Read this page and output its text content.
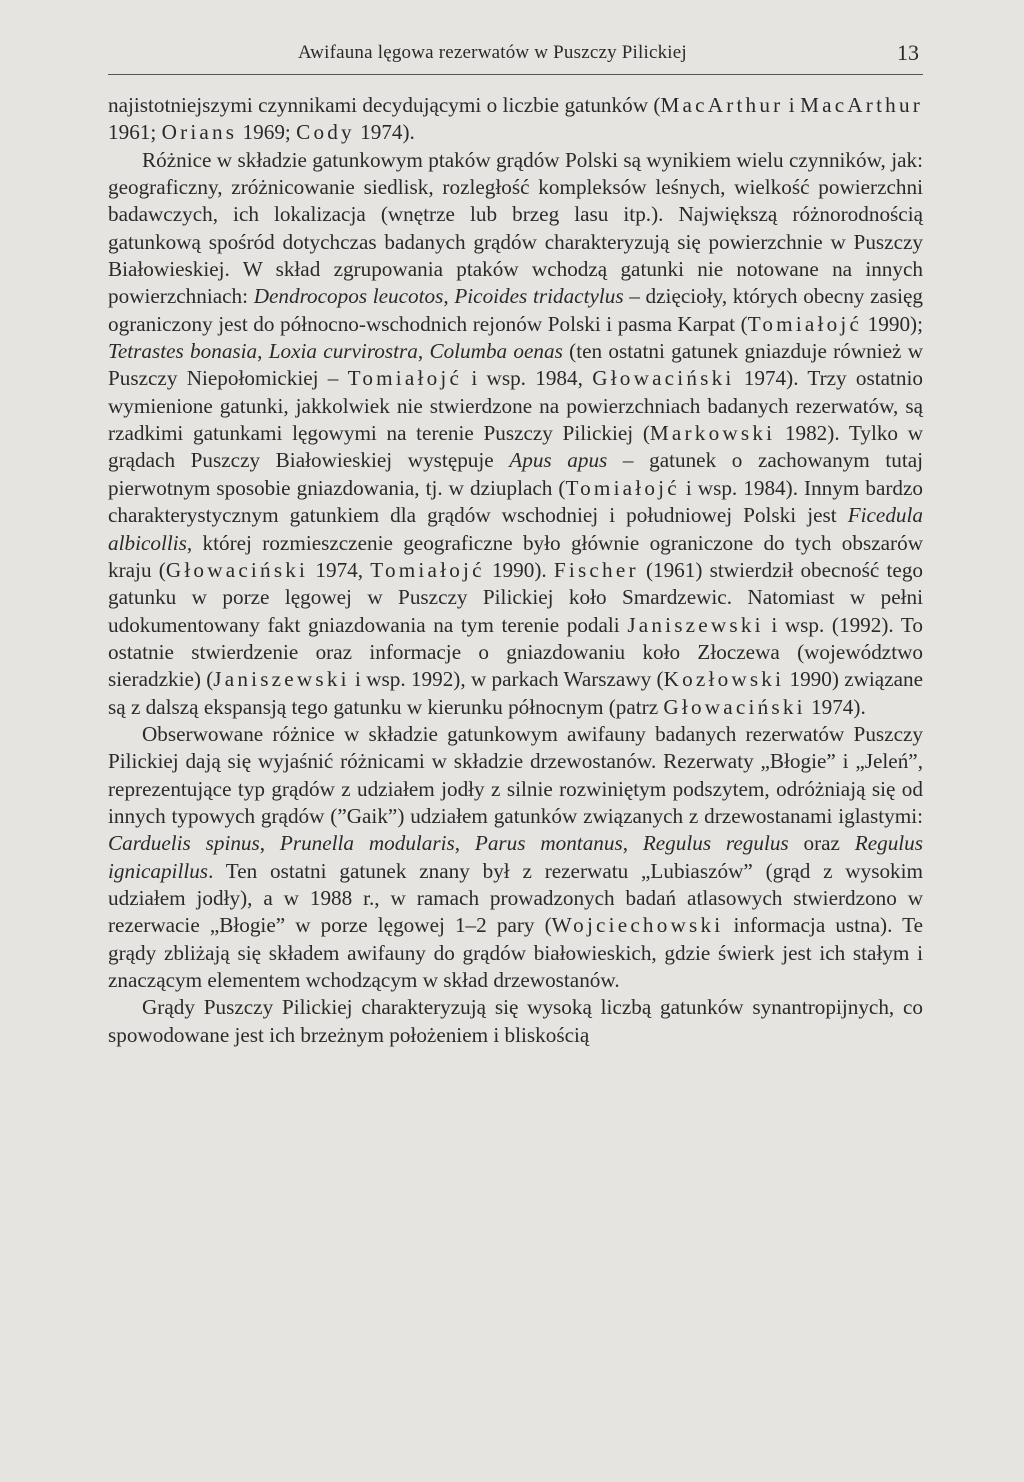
Awifauna lęgowa rezerwatów w Puszczy Pilickiej	13

najistotniejszymi czynnikami decydującymi o liczbie gatunków (MacArthur i MacArthur 1961; Orians 1969; Cody 1974).

Różnice w składzie gatunkowym ptaków grądów Polski są wynikiem wielu czynników, jak: geograficzny, zróżnicowanie siedlisk, rozległość kompleksów leśnych, wielkość powierzchni badawczych, ich lokalizacja (wnętrze lub brzeg lasu itp.). Największą różnorodnością gatunkową spośród dotychczas badanych grądów charakteryzują się powierzchnie w Puszczy Białowieskiej. W skład zgrupowania ptaków wchodzą gatunki nie notowane na innych powierzchniach: Dendrocopos leucotos, Picoides tridactylus – dzięcioły, których obecny zasięg ograniczony jest do północno-wschodnich rejonów Polski i pasma Karpat (Tomiałojć 1990); Tetrastes bonasia, Loxia curvirostra, Columba oenas (ten ostatni gatunek gniazduje również w Puszczy Niepołomickiej – Tomiałojć i wsp. 1984, Głowaciński 1974). Trzy ostatnio wymienione gatunki, jakkolwiek nie stwierdzone na powierzchniach badanych rezerwatów, są rzadkimi gatunkami lęgowymi na terenie Puszczy Pilickiej (Markowski 1982). Tylko w grądach Puszczy Białowieskiej występuje Apus apus – gatunek o zachowanym tutaj pierwotnym sposobie gniazdowania, tj. w dziuplach (Tomiałojć i wsp. 1984). Innym bardzo charakterystycznym gatunkiem dla grądów wschodniej i południowej Polski jest Ficedula albicollis, której rozmieszczenie geograficzne było głównie ograniczone do tych obszarów kraju (Głowaciński 1974, Tomiałojć 1990). Fischer (1961) stwierdził obecność tego gatunku w porze lęgowej w Puszczy Pilickiej koło Smardzewic. Natomiast w pełni udokumentowany fakt gniazdowania na tym terenie podali Janiszewski i wsp. (1992). To ostatnie stwierdzenie oraz informacje o gniazdowaniu koło Złoczewa (województwo sieradzkie) (Janiszewski i wsp. 1992), w parkach Warszawy (Kozłowski 1990) związane są z dalszą ekspansją tego gatunku w kierunku północnym (patrz Głowaciński 1974).

Obserwowane różnice w składzie gatunkowym awifauny badanych rezerwatów Puszczy Pilickiej dają się wyjaśnić różnicami w składzie drzewostanów. Rezerwaty „Błogie” i „Jeleń”, reprezentujące typ grądów z udziałem jodły z silnie rozwiniętym podszytem, odróżniają się od innych typowych grądów (”Gaik”) udziałem gatunków związanych z drzewostanami iglastymi: Carduelis spinus, Prunella modularis, Parus montanus, Regulus regulus oraz Regulus ignicapillus. Ten ostatni gatunek znany był z rezerwatu „Lubiaszów” (grąd z wysokim udziałem jodły), a w 1988 r., w ramach prowadzonych badań atlasowych stwierdzono w rezerwacie „Błogie” w porze lęgowej 1–2 pary (Wojciechowski informacja ustna). Te grądy zbliżają się składem awifauny do grądów białowieskich, gdzie świerk jest ich stałym i znaczącym elementem wchodzącym w skład drzewostanów.

Grądy Puszczy Pilickiej charakteryzują się wysoką liczbą gatunków synantropijnych, co spowodowane jest ich brzeżnym położeniem i bliskością
